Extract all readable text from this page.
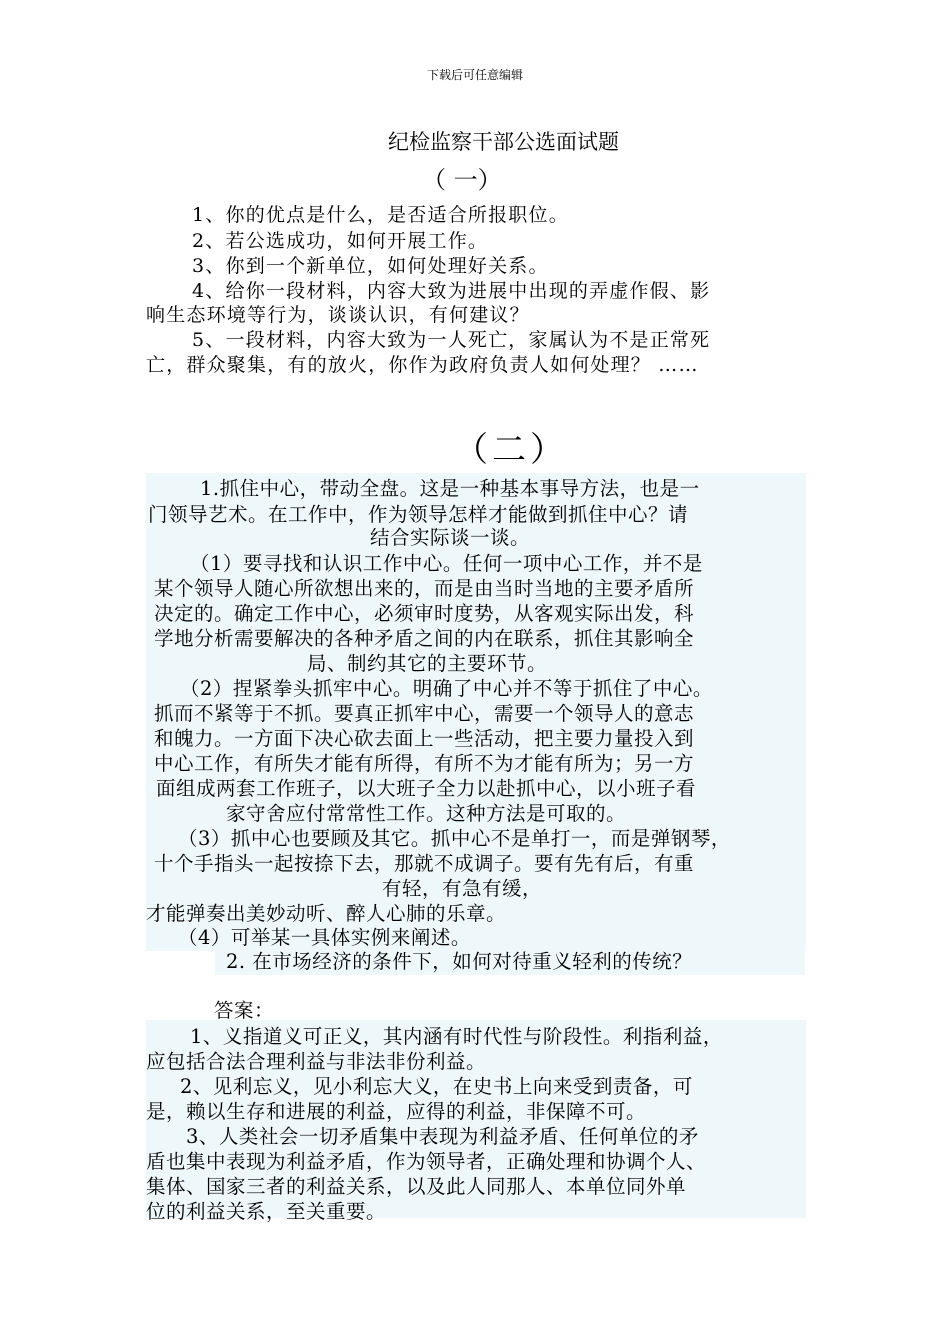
下载后可任意编辑
纪检监察干部公选面试题
（ 一）
1、你的优点是什么，是否适合所报职位。
2、若公选成功，如何开展工作。
3、你到一个新单位，如何处理好关系。
4、给你一段材料，内容大致为进展中出现的弄虚作假、影
响生态环境等行为，谈谈认识，有何建议？
5、一段材料，内容大致为一人死亡，家属认为不是正常死
亡，群众聚集，有的放火，你作为政府负责人如何处理？ ……
（二）
1.抓住中心，带动全盘。这是一种基本事导方法，也是一
门领导艺术。在工作中，作为领导怎样才能做到抓住中心？请
结合实际谈一谈。
（1）要寻找和认识工作中心。任何一项中心工作，并不是
某个领导人随心所欲想出来的，而是由当时当地的主要矛盾所
决定的。确定工作中心，必须审时度势，从客观实际出发，科
学地分析需要解决的各种矛盾之间的内在联系，抓住其影响全
局、制约其它的主要环节。
（2）捏紧拳头抓牢中心。明确了中心并不等于抓住了中心。
抓而不紧等于不抓。要真正抓牢中心，需要一个领导人的意志
和魄力。一方面下决心砍去面上一些活动，把主要力量投入到
中心工作，有所失才能有所得，有所不为才能有所为；另一方
面组成两套工作班子，以大班子全力以赴抓中心，以小班子看
家守舍应付常常性工作。这种方法是可取的。
（3）抓中心也要顾及其它。抓中心不是单打一，而是弹钢琴，
十个手指头一起按捺下去，那就不成调子。要有先有后，有重
有轻，有急有缓，
才能弹奏出美妙动听、醉人心肺的乐章。
（4）可举某一具体实例来阐述。
2. 在市场经济的条件下，如何对待重义轻利的传统？
答案：
1、义指道义可正义，其内涵有时代性与阶段性。利指利益，
应包括合法合理利益与非法非份利益。
2、见利忘义，见小利忘大义，在史书上向来受到责备，可
是，赖以生存和进展的利益，应得的利益，非保障不可。
3、人类社会一切矛盾集中表现为利益矛盾、任何单位的矛
盾也集中表现为利益矛盾，作为领导者，正确处理和协调个人、
集体、国家三者的利益关系，以及此人同那人、本单位同外单
位的利益关系，至关重要。
